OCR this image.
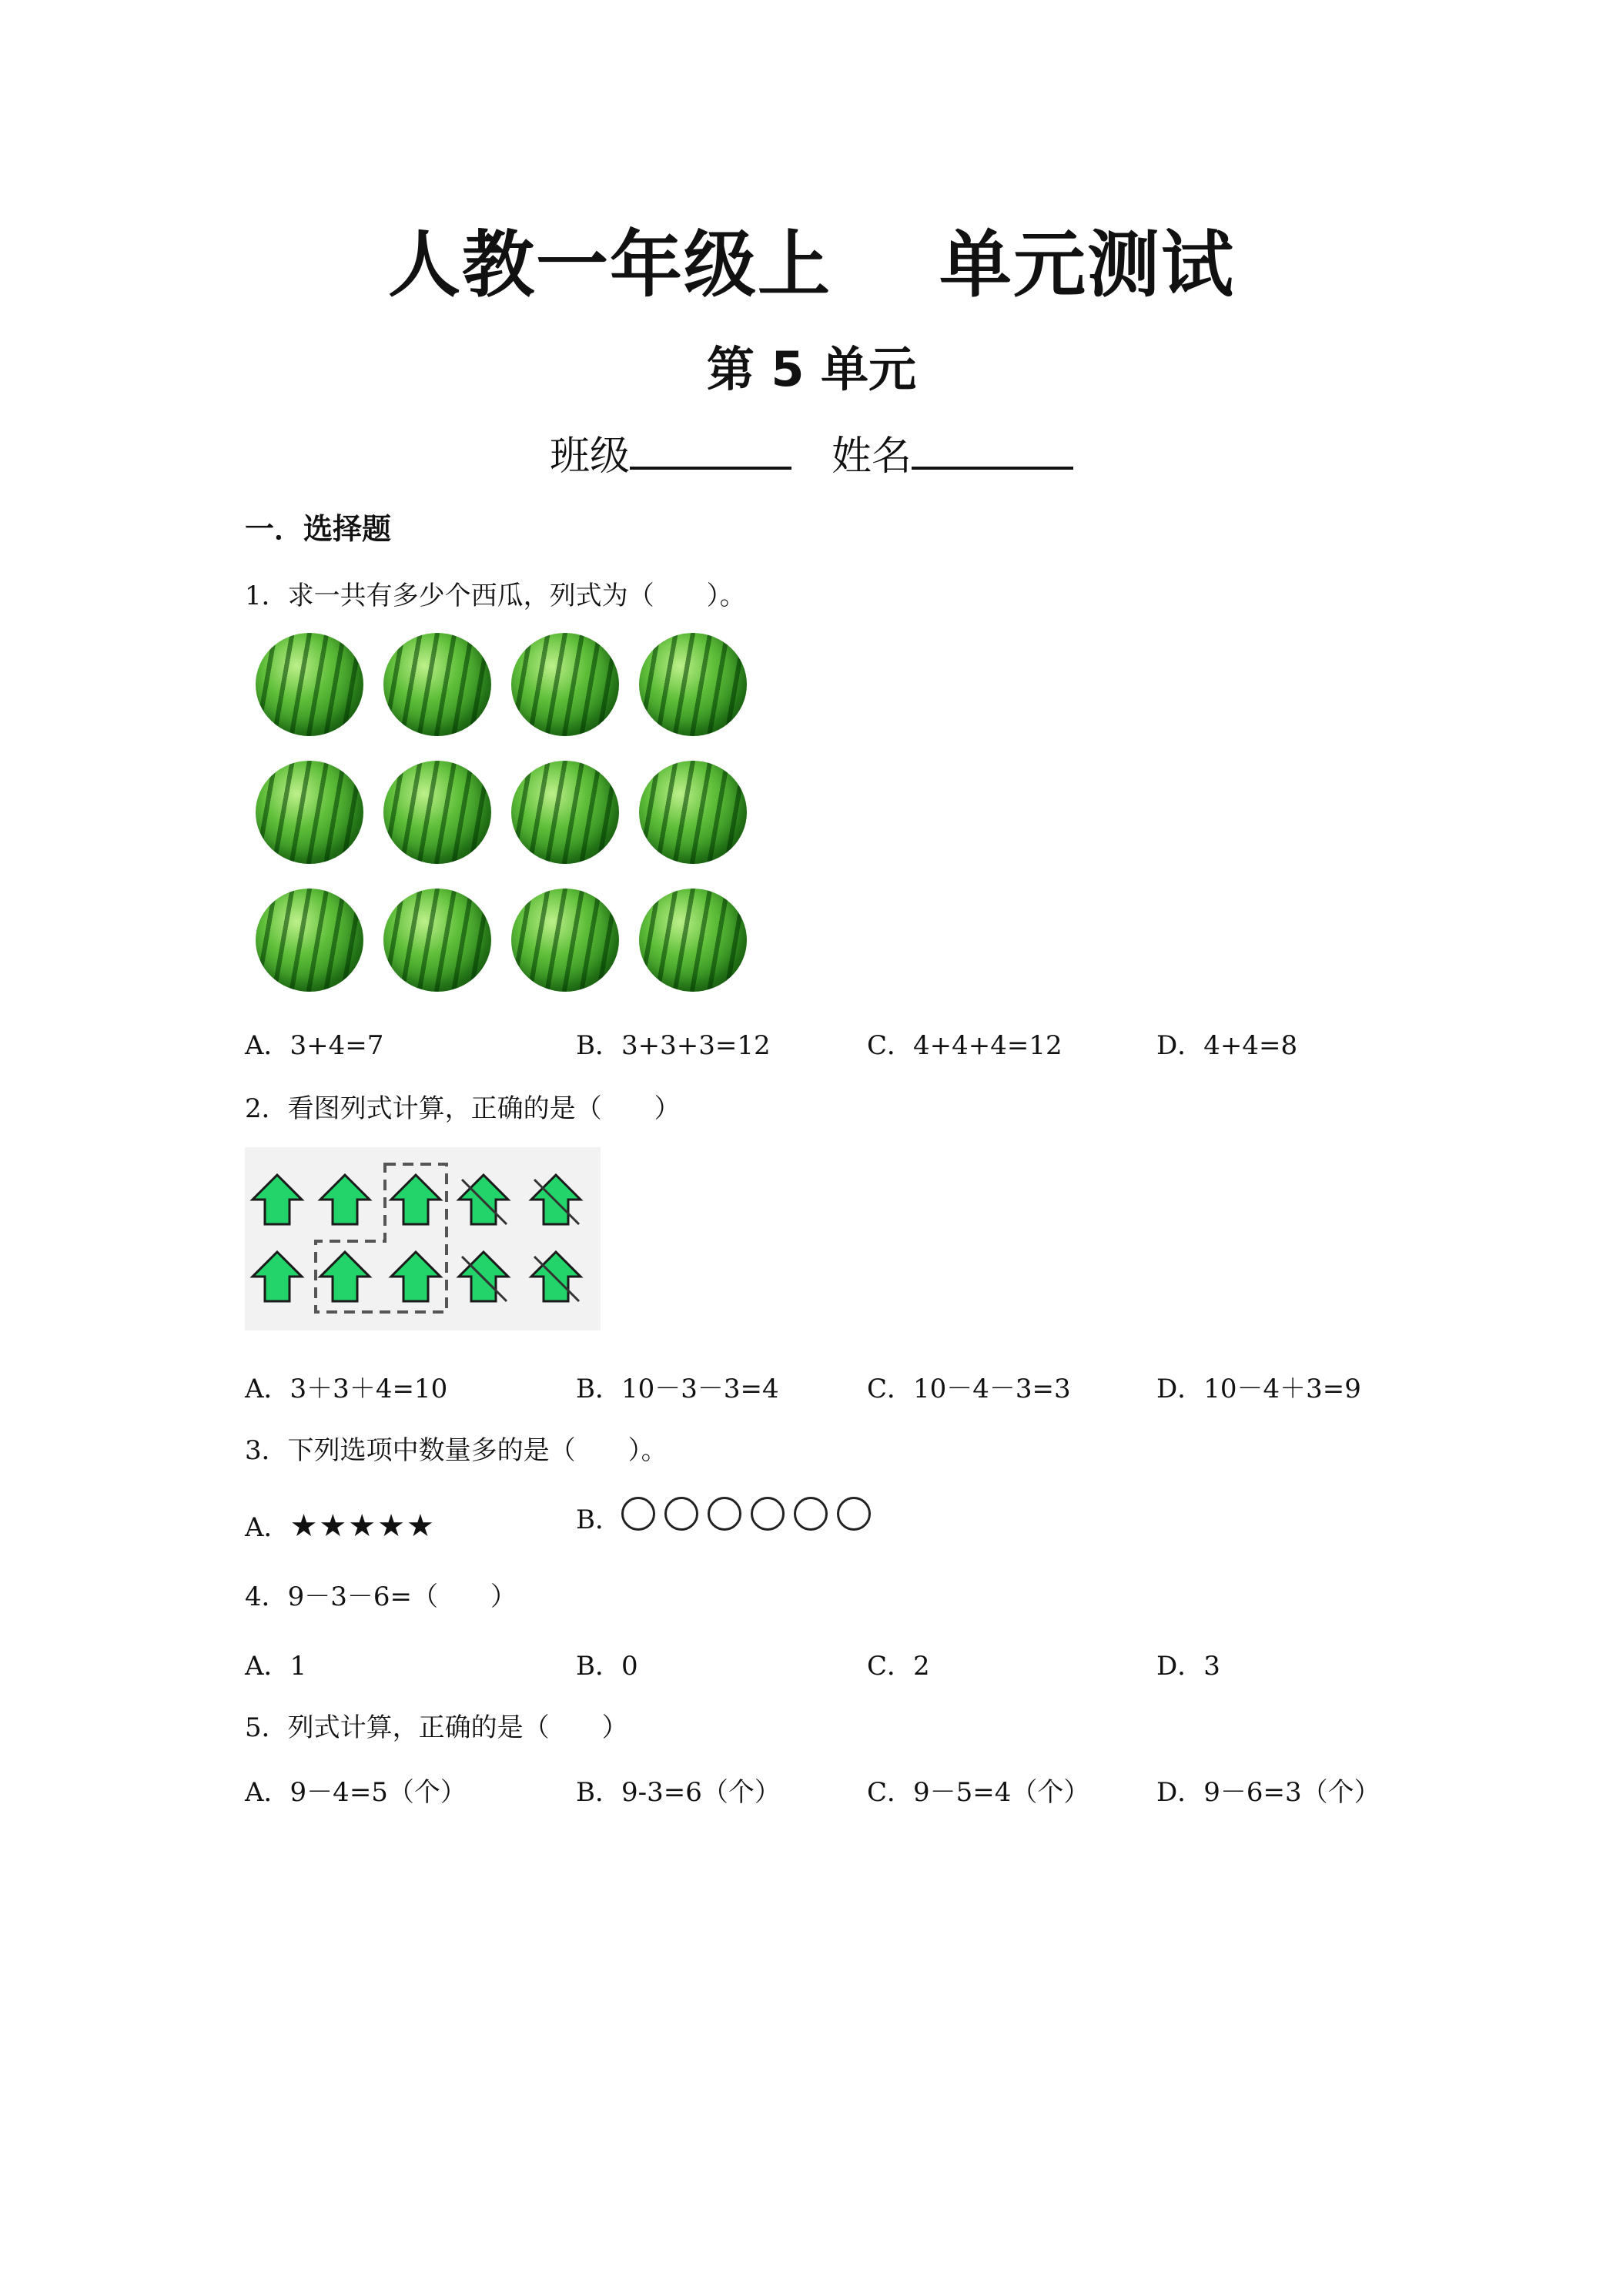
人教一年级上 单元测试
第 5 单元
班级	姓名
一．选择题
1．求一共有多少个西瓜，列式为（　　）。
A．3+4=7	B．3+3+3=12	C．4+4+4=12	D．4+4=8
2．看图列式计算，正确的是（　　）
A．3＋3＋4=10	B．10－3－3=4	C．10－4－3=3	D．10－4＋3=9
3．下列选项中数量多的是（　　）。
A．★★★★★	B．
4．9－3－6=（　　）
A．1	B．0	C．2	D．3
5．列式计算，正确的是（　　）
A．9－4=5（个）	B．9-3=6（个）	C．9－5=4（个）	D．9－6=3（个）
